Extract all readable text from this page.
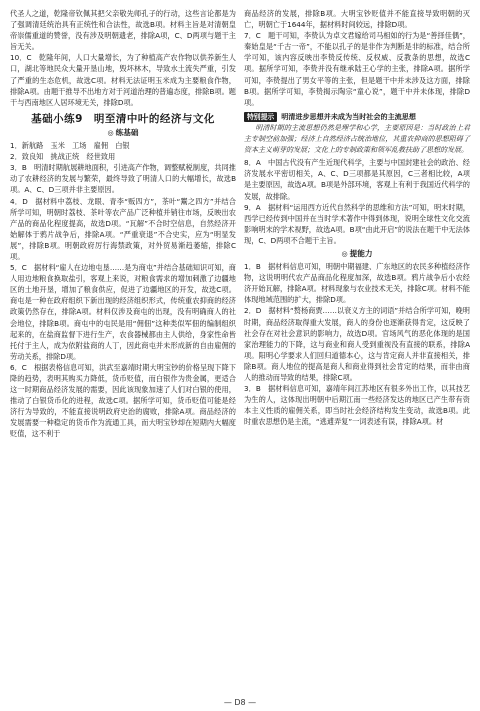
代圣人之道，乾隆帝钦佩其把父亲敬先师孔子的行动，这些言论都是为了强调清廷统治具有正统性和合法性，故选B项。材料主旨是对清朝皇帝崇儒重道的赞誉，没有涉及明朝遗老，排除A项，C、D两项与题干主旨无关。

10．C　乾隆年间，人口大量增长，为了种植高产农作物以供养新生人口，湖北等地民众大量开垦山地，毁坏林木，导致水土流失严重，引发了严重的生态危机，故选C项。材料无法证明玉米成为主要粮食作物，排除A项。由题干推导不出地方对于河道治理的普遍态度，排除B项。题干与西南地区人居环境无关，排除D项。

基础小练9　明至清中叶的经济与文化
◎ 练基础

1．新航路　玉米　工场　雇佣　白银

2．致良知　挑战正统　经世致用

3．B　明清时期航展耕地面积，引进高产作物，调整赋税制度，共同推动了农耕经济的发展与繁荣，最终导致了明清人口的大幅增长，故选B项。A、C、D三项并非主要原因。

4．D　据材料中荔枝、龙眼、青李“贩四方”，茶叶“鬻之四方”并结合所学可知，明朝时荔枝、茶叶等农产品广泛种植并销往市场，反映出农产品的商品化程度提高，故选D项。“瓦解”不合时空信息，自然经济开始解体于鸦片战争后，排除A项。“严重衰退”不合史实，应为“明显发展”，排除B项。明朝政府厉行海禁政策，对外贸易渐趋萎缩，排除C项。

5．C　据材料“雇人在边地屯垦……是为商屯”并结合基础知识可知，商人用边地粮食换取盐引，客观上来说，对粮食需求的增加刺激了边疆地区的土地开垦，增加了粮食供应，促进了边疆地区的开发，故选C项。商屯是一种在政府组织下新出现的经济组织形式，传统重农抑商的经济政策仍然存在，排除A项。材料仅涉及商屯的出现，没有明确商人的社会地位，排除B项。商屯中的屯民是用“佣佃”这种类似军佃的编制组织起来的，在盐商监督下进行生产，农食器械都由主人供给，身家性命皆托付于主人，成为依附盐商的人丁，因此商屯并未形成新的自由雇佣的劳动关系，排除D项。

6．C　根据表格信息可知，洪武至嘉靖时期大明宝钞的价格呈现下降下降的趋势，表明其购买力降低，货币贬值，而白银作为贵金属，更适合这一时期商品经济发展的需要，因此该现象加速了人们对白银的使用，推动了白银货币化的进程，故选C项。据所学可知，货币贬值可能是经济行为导致的，不能直接说明政府史治的腐败，排除A项。商品经济的发展需要一种稳定的货币作为流通工具，而大明宝钞却在短期内大幅度贬值，这不利于

商品经济的发展，排除B项。大明宝钞贬值并不能直接导致明朝的灭亡，明朝亡于1644年，据材料时间较远，排除D项。

7．C　题干可知，李贽认为卓文君嫁给司马相如的行为是“善择佳偶”，秦始皇是“千古一帝”，不能以孔子的是非作为判断是非的标准，结合所学可知，该内容反映出李贽反传统、反权威、反教条的思想，故选C项。据所学可知，李贽并没有继承陆王心学的主张，排除A项。据所学可知，李贽提出了男女平等的主张，但是题干中并未涉及这方面，排除B项。据所学可知，李贽揭示陶宗“童心说”，题干中并未体现，排除D项。

特别提示 明清进步思想并未成为当时社会的主流思想

明清时期的主流思想仍然是理学和心学，主要原因是：当时政治上君主专制空前加强；经济上自然经济占统治地位，其重农抑商的思想阻碍了资本主义萌芽的发展；文化上的专制政策和领军乱教扶助了思想的发展。

8．A　中国古代没有产生近现代科学，主要与中国封建社会的政治、经济发展水平密切相关，A、C、D三项都是其原因，C三者相比较，A项是主要原因，故选A项。B项是外部环境，客观上有利于我国近代科学的发展，故排除。

9．A　据材料“运用西方近代自然科学的思维和方法”可知，明末时期，西学已经传到中国并在当时学术著作中得到体现，说明全球性文化交流影响明末的学术视野，故选A项。B项“由此开启”的说法在题干中无法体现，C、D两项不合题干主旨。

◎ 提能力

1．B　据材料信息可知，明朝中期福建、广东地区的农民多种植经济作物，这说明明代农产品商品化程度加深，故选B项。鸦片战争后小农经济开始瓦解，排除A项。材料现象与农业技术无关，排除C项。材料不能体现地域范围的扩大，排除D项。

2．D　据材料“赘杨商贾……以衰义方主的词语”并结合所学可知，晚明时期，商品经济取得重大发展，商人的身份也逐渐获得肯定，这反映了社会存在对社会意识的影响力，故选D项。官场风气的恶化体现的是国家治理能力的下降，这与商业和商人受到重视没有直接的联系，排除A项。阳明心学要求人们回归道德本心，这与肯定商人并非直接相关，排除B项。商人地位的提高是商人和商业得到社会肯定的结果，而非由商人的推动而导致的结果，排除C项。

3．B　据材料信息可知，嘉靖年间江苏地区有很多外出工作，以其技艺为生的人，这体现出明朝中后期江南一些经济发达的地区已产生带有资本主义性质的雇佣关系，即当时社会经济结构发生变动，故选B项。此时重农思想仍是主流，“逃逋弄复”一词表述有误，排除A项。材

— D8 —
